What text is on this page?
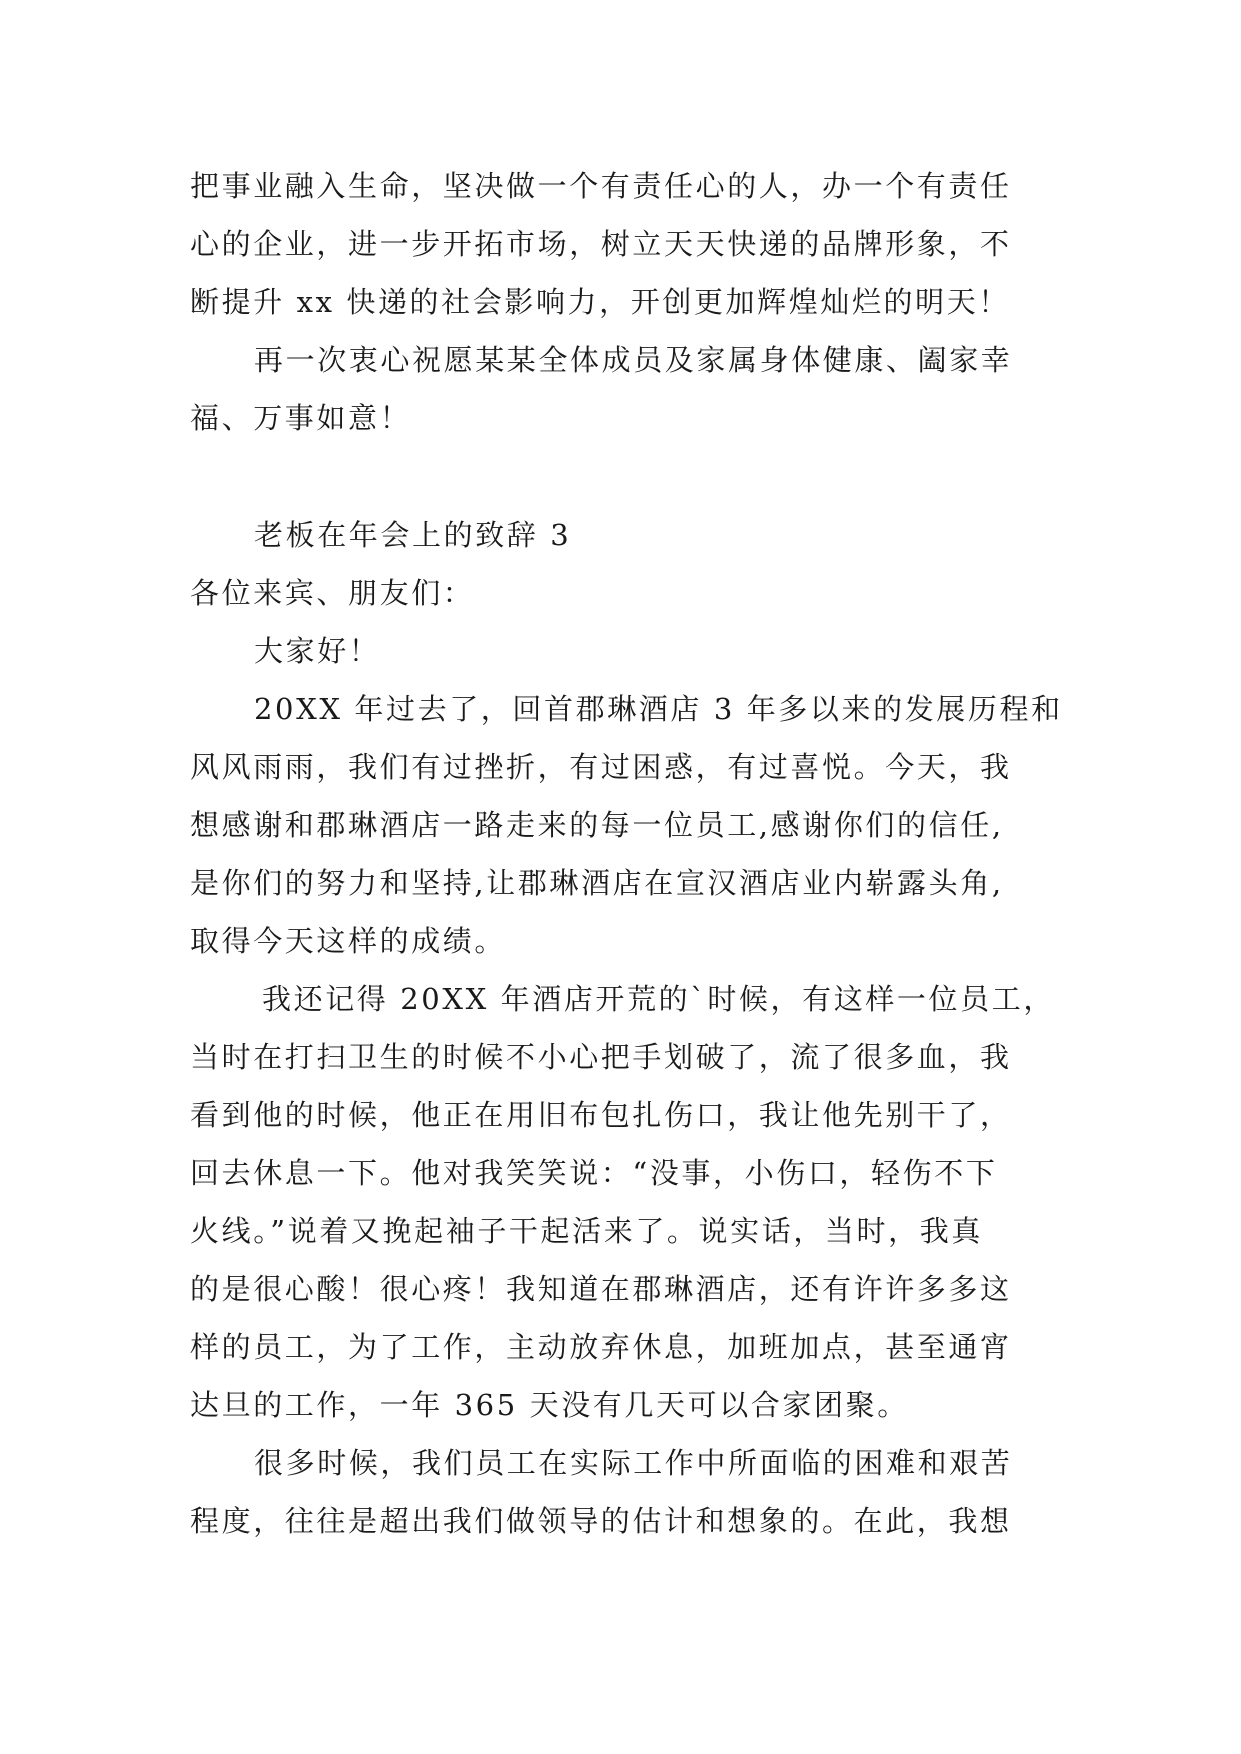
把事业融入生命，坚决做一个有责任心的人，办一个有责任
心的企业，进一步开拓市场，树立天天快递的品牌形象，不
断提升 xx 快递的社会影响力，开创更加辉煌灿烂的明天！
再一次衷心祝愿某某全体成员及家属身体健康、阖家幸
福、万事如意！
老板在年会上的致辞 3
各位来宾、朋友们：
大家好！
20XX 年过去了，回首郡琳酒店 3 年多以来的发展历程和
风风雨雨，我们有过挫折，有过困惑，有过喜悦。今天，我
想感谢和郡琳酒店一路走来的每一位员工,感谢你们的信任,
是你们的努力和坚持,让郡琳酒店在宣汉酒店业内崭露头角,
取得今天这样的成绩。
我还记得 20XX 年酒店开荒的`时候，有这样一位员工，
当时在打扫卫生的时候不小心把手划破了，流了很多血，我
看到他的时候，他正在用旧布包扎伤口，我让他先别干了，
回去休息一下。他对我笑笑说：“没事，小伤口，轻伤不下
火线。”说着又挽起袖子干起活来了。说实话，当时，我真
的是很心酸！很心疼！我知道在郡琳酒店，还有许许多多这
样的员工，为了工作，主动放弃休息，加班加点，甚至通宵
达旦的工作，一年 365 天没有几天可以合家团聚。
很多时候，我们员工在实际工作中所面临的困难和艰苦
程度，往往是超出我们做领导的估计和想象的。在此，我想
